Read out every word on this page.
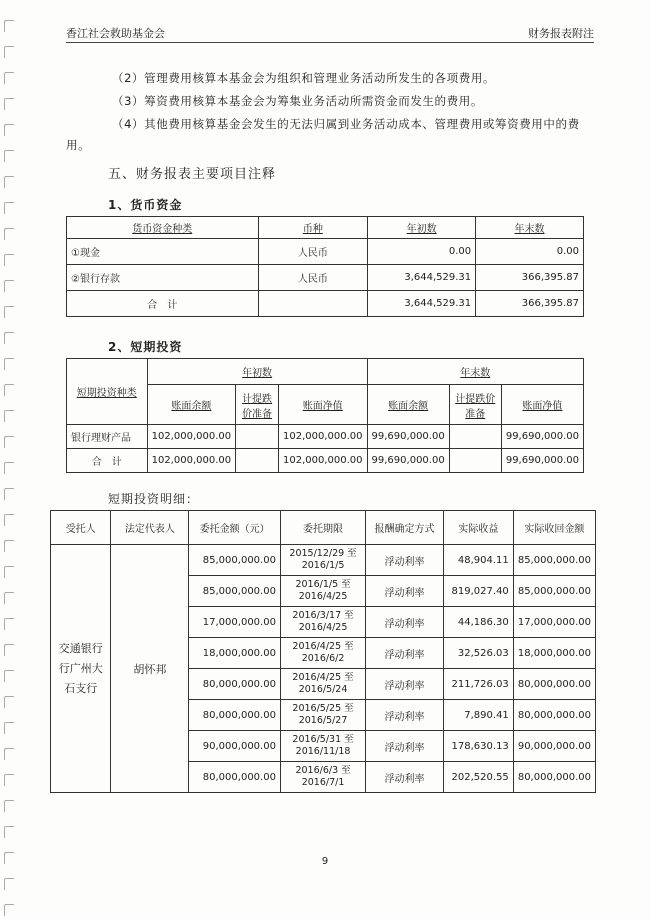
香江社会救助基金会	财务报表附注
（2）管理费用核算本基金会为组织和管理业务活动所发生的各项费用。
（3）筹资费用核算本基金会为筹集业务活动所需资金而发生的费用。
（4）其他费用核算基金会发生的无法归属到业务活动成本、管理费用或筹资费用中的费用。
五、财务报表主要项目注释
1、货币资金
货币资金种类	币种	年初数	年末数
①现金	人民币	0.00	0.00
②银行存款	人民币	3,644,529.31	366,395.87
合　计		3,644,529.31	366,395.87
2、短期投资
短期投资种类	年初数			年末数		
	账面余额	计提跌价准备	账面净值	账面余额	计提跌价准备	账面净值
银行理财产品	102,000,000.00		102,000,000.00	99,690,000.00		99,690,000.00
合　计	102,000,000.00		102,000,000.00	99,690,000.00		99,690,000.00
短期投资明细：
受托人	法定代表人	委托金额（元）	委托期限	报酬确定方式	实际收益	实际收回金额
交通银行行广州大石支行	胡怀邦	85,000,000.00	2015/12/29 至 2016/1/5	浮动利率	48,904.11	85,000,000.00
		85,000,000.00	2016/1/5 至 2016/4/25	浮动利率	819,027.40	85,000,000.00
		17,000,000.00	2016/3/17 至 2016/4/25	浮动利率	44,186.30	17,000,000.00
		18,000,000.00	2016/4/25 至 2016/6/2	浮动利率	32,526.03	18,000,000.00
		80,000,000.00	2016/4/25 至 2016/5/24	浮动利率	211,726.03	80,000,000.00
		80,000,000.00	2016/5/25 至 2016/5/27	浮动利率	7,890.41	80,000,000.00
		90,000,000.00	2016/5/31 至 2016/11/18	浮动利率	178,630.13	90,000,000.00
		80,000,000.00	2016/6/3 至 2016/7/1	浮动利率	202,520.55	80,000,000.00
9
